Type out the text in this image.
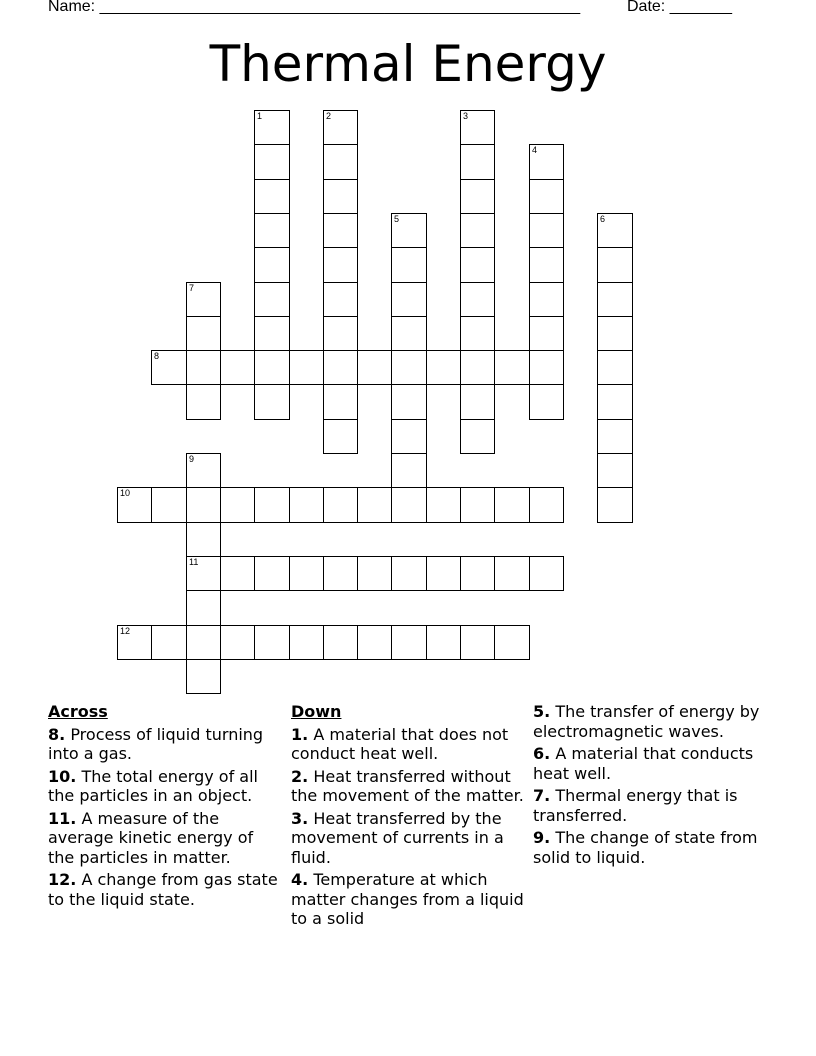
Name: ______________________________________________________	Date: _______
Thermal Energy
1	2	3
4
5	6
7
8
9
11
10
12
Across
8. Process of liquid turning into a gas.
10. The total energy of all the particles in an object.
11. A measure of the average kinetic energy of the particles in matter.
12. A change from gas state to the liquid state.
Down
1. A material that does not conduct heat well.
2. Heat transferred without the movement of the matter.
3. Heat transferred by the movement of currents in a fluid.
4. Temperature at which matter changes from a liquid to a solid
5. The transfer of energy by electromagnetic waves.
6. A material that conducts heat well.
7. Thermal energy that is transferred.
9. The change of state from solid to liquid.
